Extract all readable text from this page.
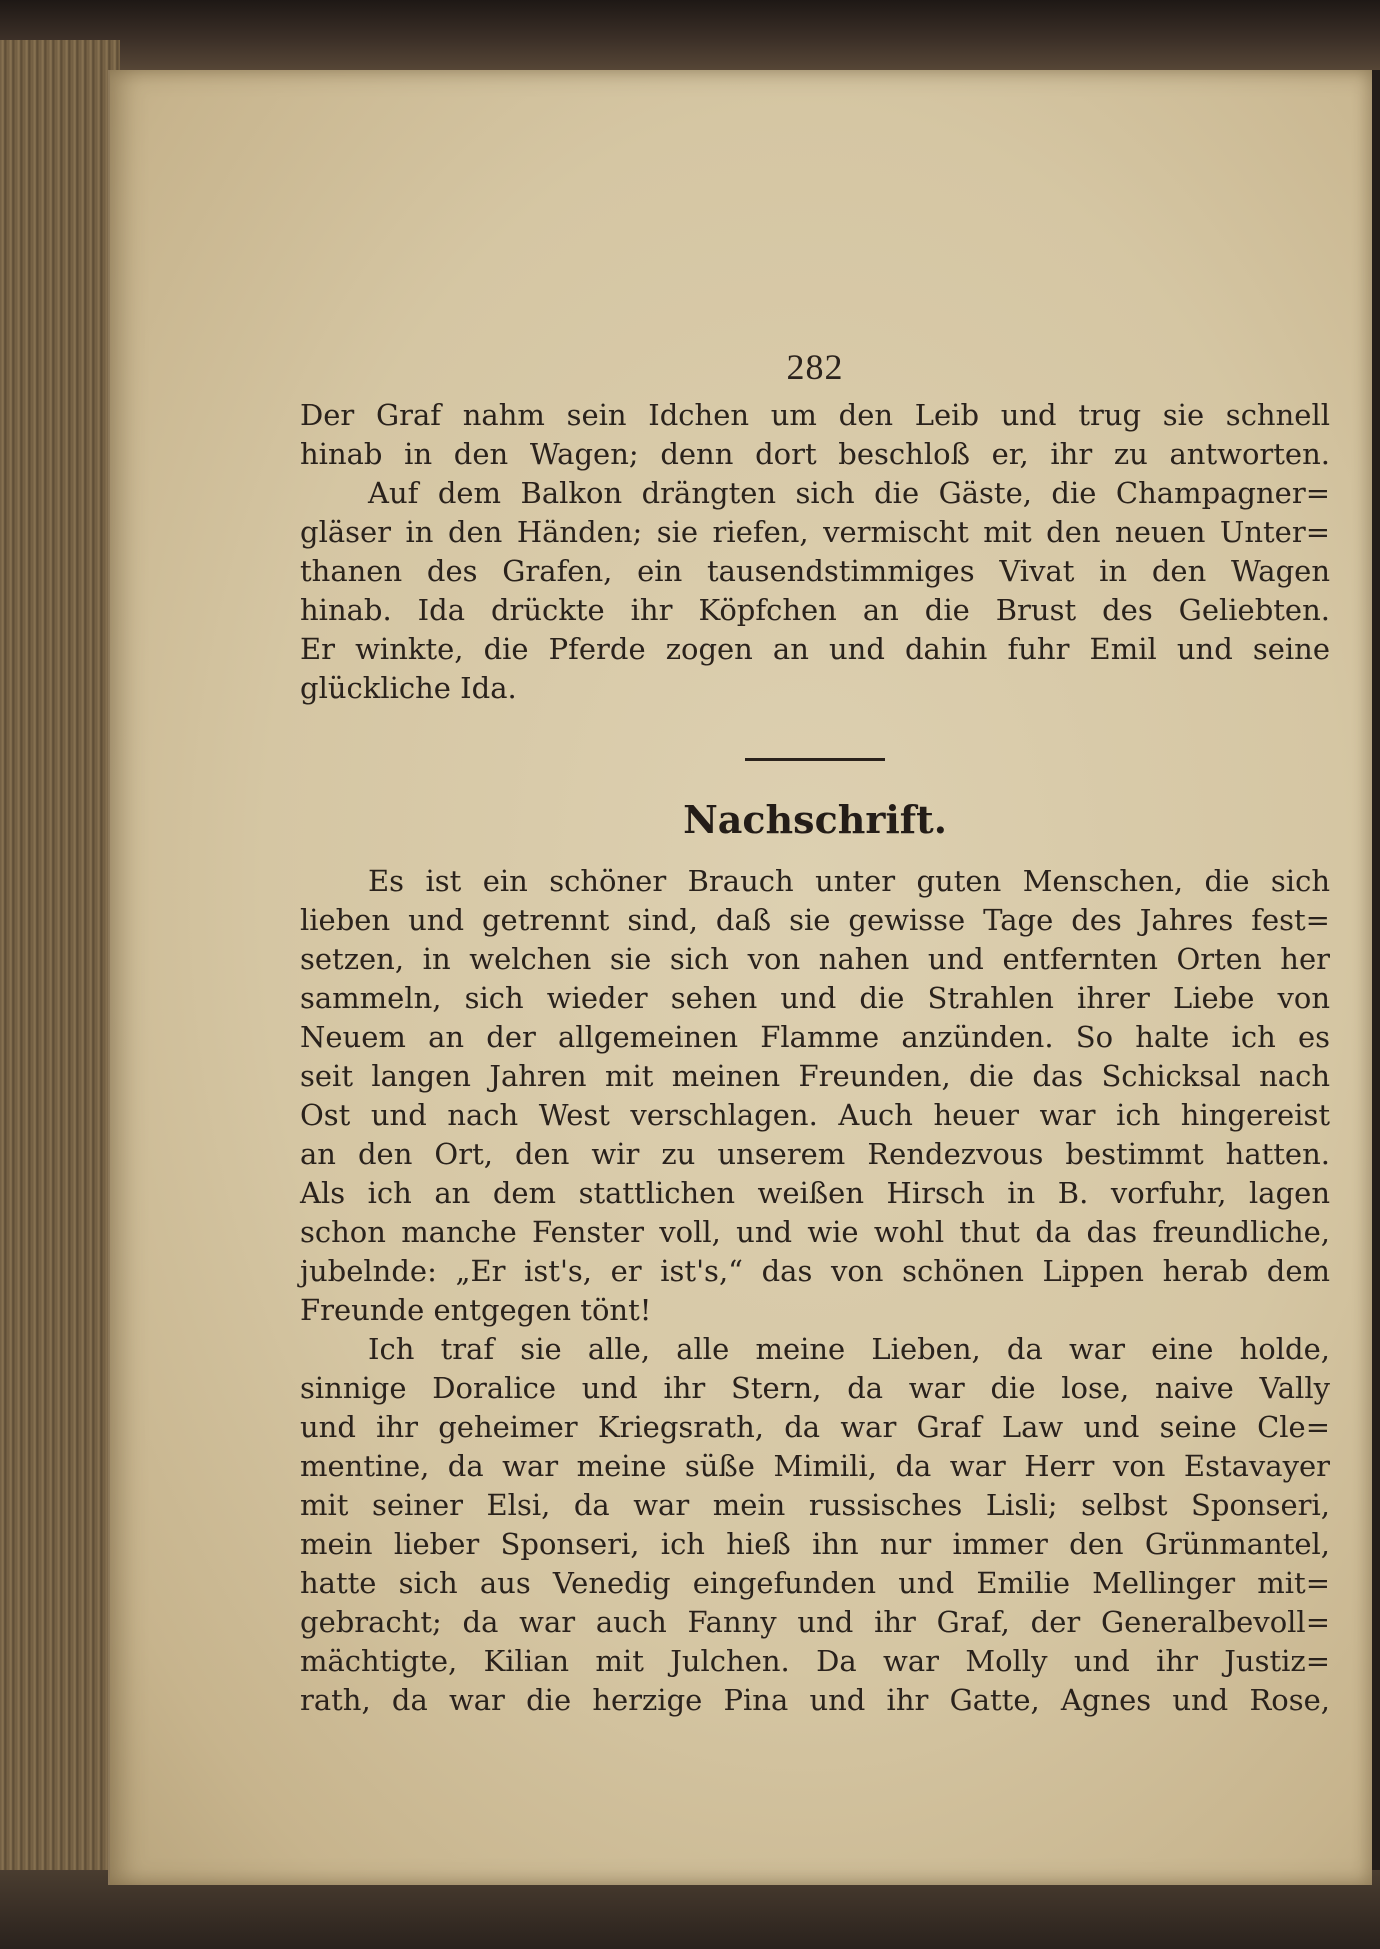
282
Der Graf nahm sein Idchen um den Leib und trug sie schnell
hinab in den Wagen; denn dort beschloß er, ihr zu antworten.
Auf dem Balkon drängten sich die Gäste, die Champagner=
gläser in den Händen; sie riefen, vermischt mit den neuen Unter=
thanen des Grafen, ein tausendstimmiges Vivat in den Wagen
hinab. Ida drückte ihr Köpfchen an die Brust des Geliebten.
Er winkte, die Pferde zogen an und dahin fuhr Emil und seine
glückliche Ida.
Nachschrift.
Es ist ein schöner Brauch unter guten Menschen, die sich
lieben und getrennt sind, daß sie gewisse Tage des Jahres fest=
setzen, in welchen sie sich von nahen und entfernten Orten her
sammeln, sich wieder sehen und die Strahlen ihrer Liebe von
Neuem an der allgemeinen Flamme anzünden. So halte ich es
seit langen Jahren mit meinen Freunden, die das Schicksal nach
Ost und nach West verschlagen. Auch heuer war ich hingereist
an den Ort, den wir zu unserem Rendezvous bestimmt hatten.
Als ich an dem stattlichen weißen Hirsch in B. vorfuhr, lagen
schon manche Fenster voll, und wie wohl thut da das freundliche,
jubelnde: „Er ist's, er ist's,“ das von schönen Lippen herab dem
Freunde entgegen tönt!
Ich traf sie alle, alle meine Lieben, da war eine holde,
sinnige Doralice und ihr Stern, da war die lose, naive Vally
und ihr geheimer Kriegsrath, da war Graf Law und seine Cle=
mentine, da war meine süße Mimili, da war Herr von Estavayer
mit seiner Elsi, da war mein russisches Lisli; selbst Sponseri,
mein lieber Sponseri, ich hieß ihn nur immer den Grünmantel,
hatte sich aus Venedig eingefunden und Emilie Mellinger mit=
gebracht; da war auch Fanny und ihr Graf, der Generalbevoll=
mächtigte, Kilian mit Julchen. Da war Molly und ihr Justiz=
rath, da war die herzige Pina und ihr Gatte, Agnes und Rose,
